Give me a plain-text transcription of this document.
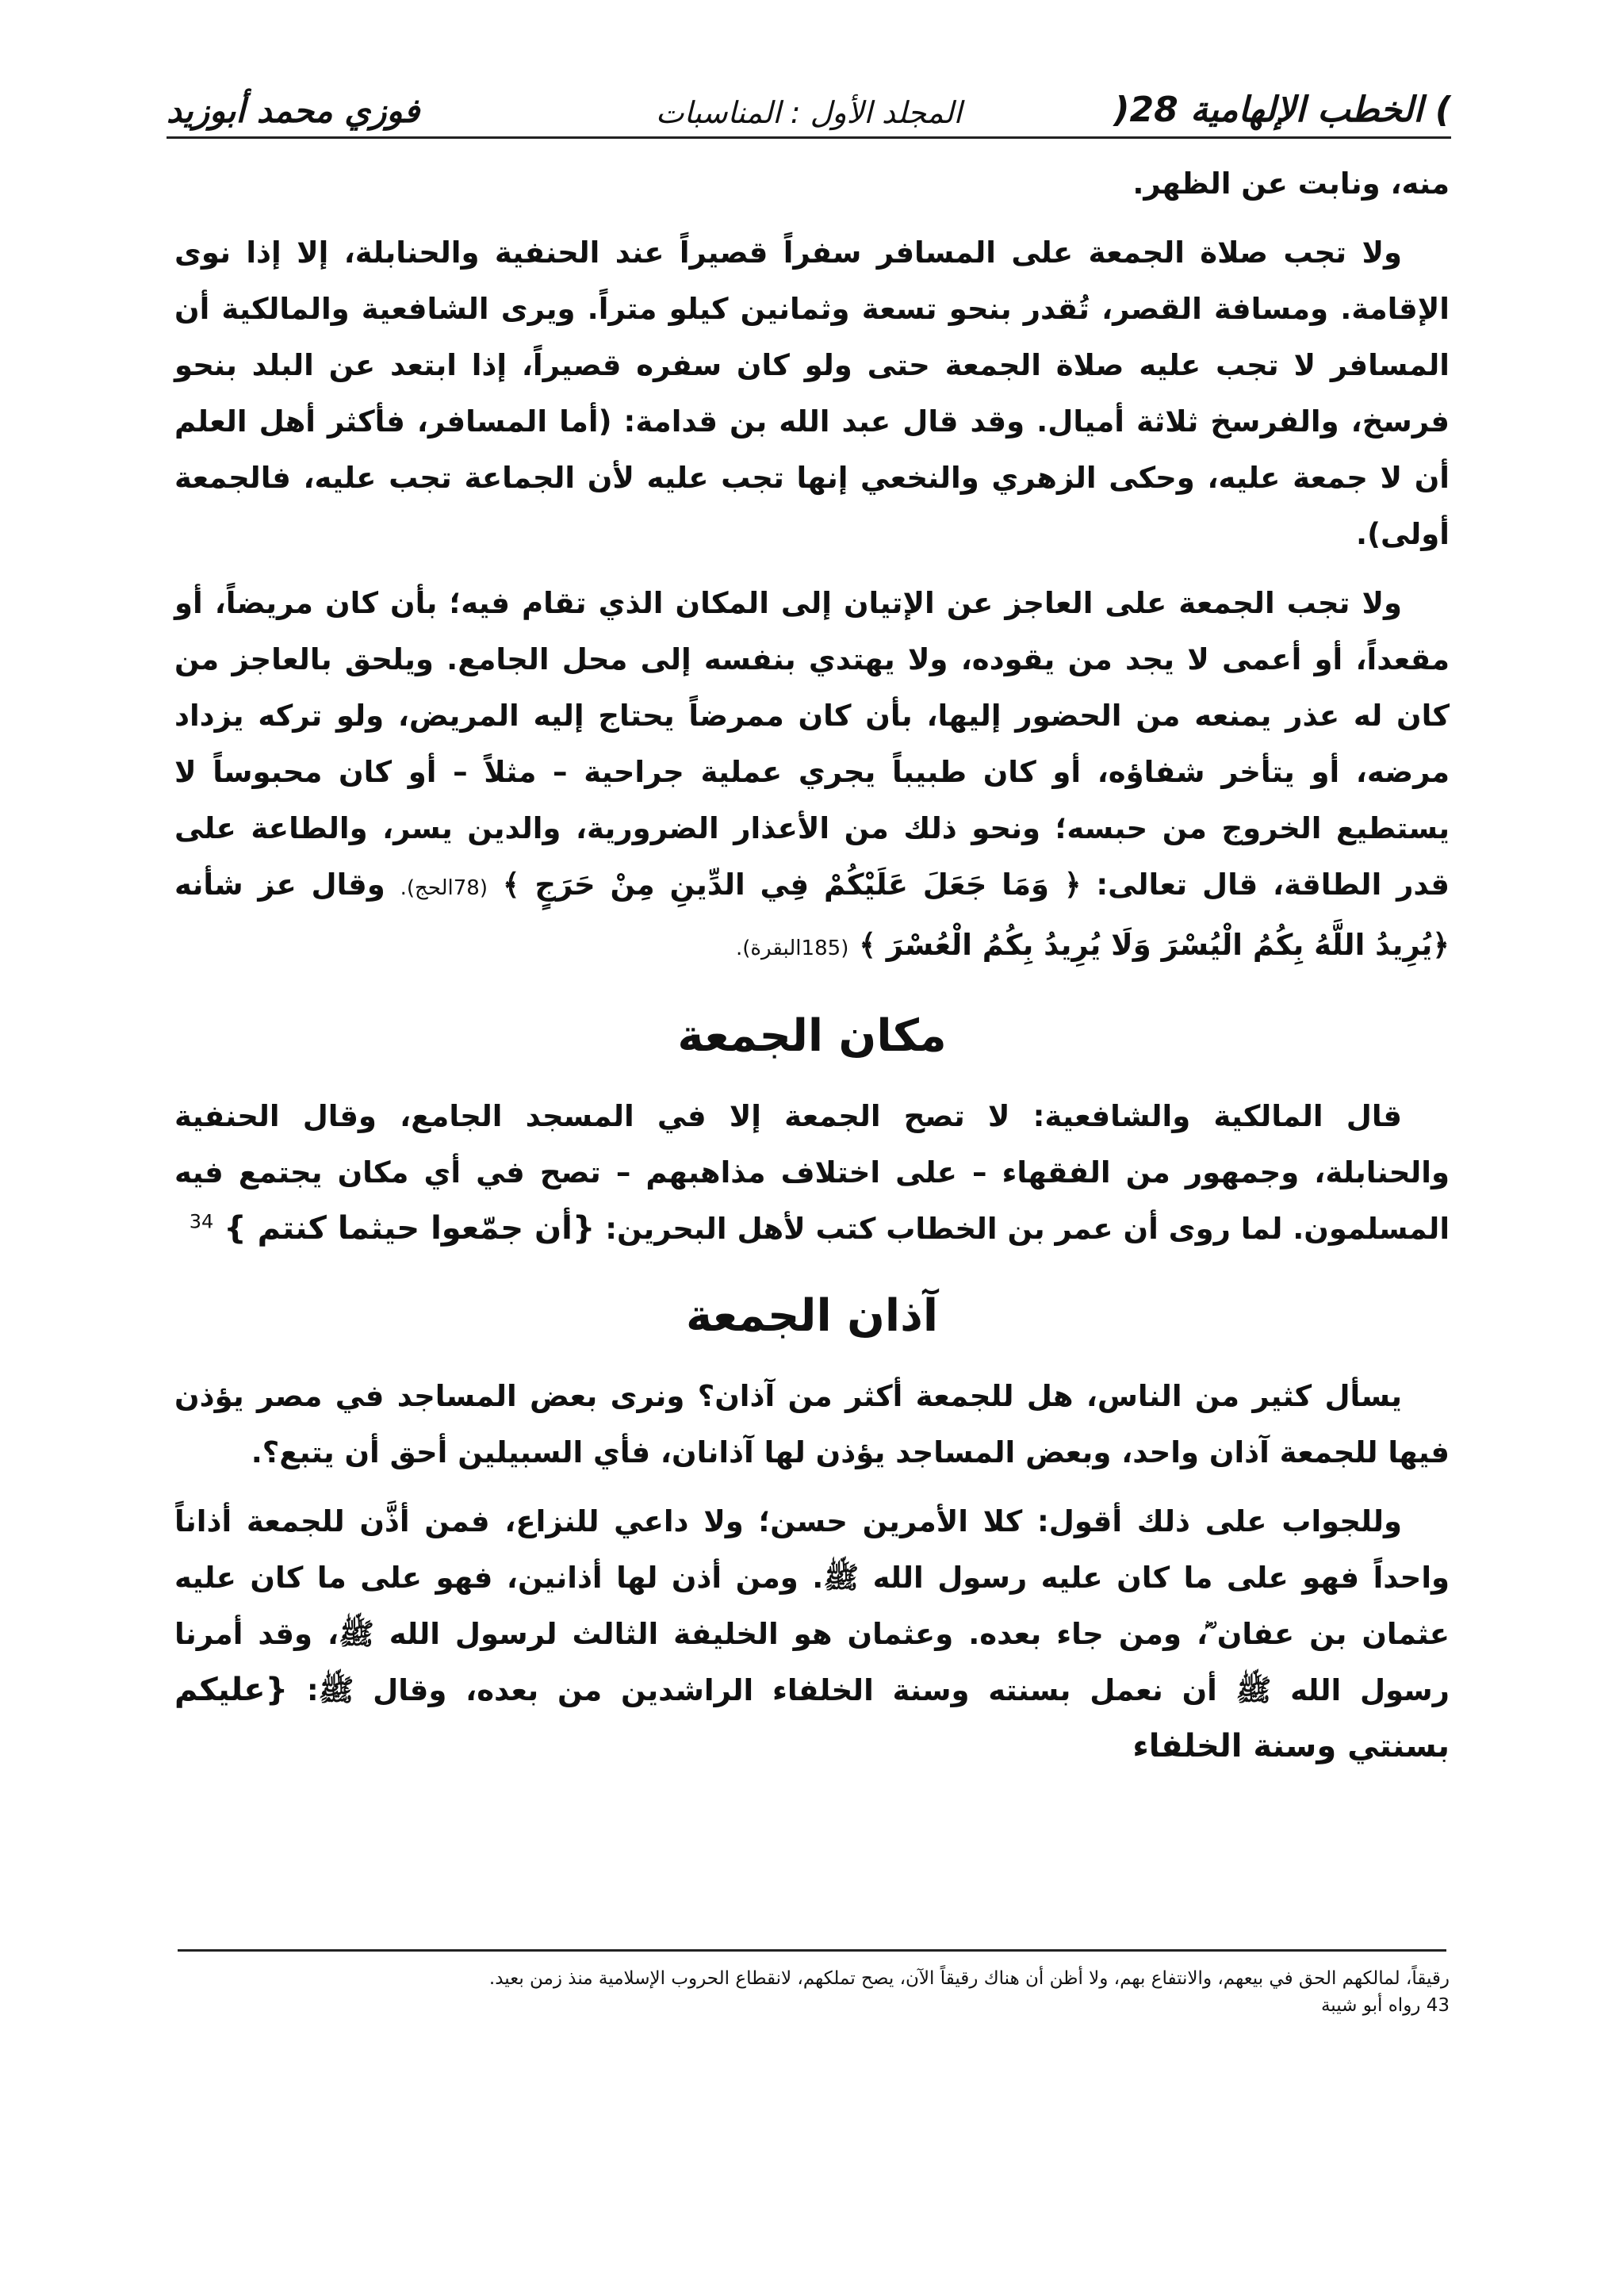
) الخطب الإلهامية 28(
المجلد الأول : المناسبات
فوزي محمد أبوزيد

منه، ونابت عن الظهر.

ولا تجب صلاة الجمعة على المسافر سفراً قصيراً عند الحنفية والحنابلة، إلا إذا نوى الإقامة. ومسافة القصر، تُقدر بنحو تسعة وثمانين كيلو متراً. ويرى الشافعية والمالكية أن المسافر لا تجب عليه صلاة الجمعة حتى ولو كان سفره قصيراً، إذا ابتعد عن البلد بنحو فرسخ، والفرسخ ثلاثة أميال. وقد قال عبد الله بن قدامة: (أما المسافر، فأكثر أهل العلم أن لا جمعة عليه، وحكى الزهري والنخعي إنها تجب عليه لأن الجماعة تجب عليه، فالجمعة أولى).

ولا تجب الجمعة على العاجز عن الإتيان إلى المكان الذي تقام فيه؛ بأن كان مريضاً، أو مقعداً، أو أعمى لا يجد من يقوده، ولا يهتدي بنفسه إلى محل الجامع. ويلحق بالعاجز من كان له عذر يمنعه من الحضور إليها، بأن كان ممرضاً يحتاج إليه المريض، ولو تركه يزداد مرضه، أو يتأخر شفاؤه، أو كان طبيباً يجري عملية جراحية – مثلاً – أو كان محبوساً لا يستطيع الخروج من حبسه؛ ونحو ذلك من الأعذار الضرورية، والدين يسر، والطاعة على قدر الطاقة، قال تعالى: ﴿ وَمَا جَعَلَ عَلَيْكُمْ فِي الدِّينِ مِنْ حَرَجٍ ﴾ (78الحج). وقال عز شأنه ﴿يُرِيدُ اللَّهُ بِكُمُ الْيُسْرَ وَلَا يُرِيدُ بِكُمُ الْعُسْرَ ﴾ (185البقرة).

مكان الجمعة

قال المالكية والشافعية: لا تصح الجمعة إلا في المسجد الجامع، وقال الحنفية والحنابلة، وجمهور من الفقهاء – على اختلاف مذاهبهم – تصح في أي مكان يجتمع فيه المسلمون. لما روى أن عمر بن الخطاب كتب لأهل البحرين: {أن جمّعوا حيثما كنتم } $^{34}$

آذان الجمعة

يسأل كثير من الناس، هل للجمعة أكثر من آذان؟ ونرى بعض المساجد في مصر يؤذن فيها للجمعة آذان واحد، وبعض المساجد يؤذن لها آذانان، فأي السبيلين أحق أن يتبع؟.

وللجواب على ذلك أقول: كلا الأمرين حسن؛ ولا داعي للنزاع، فمن أذَّن للجمعة أذاناً واحداً فهو على ما كان عليه رسول الله ﷺ. ومن أذن لها أذانين، فهو على ما كان عليه عثمان بن عفان ؓ، ومن جاء بعده. وعثمان هو الخليفة الثالث لرسول الله ﷺ، وقد أمرنا رسول الله ﷺ أن نعمل بسنته وسنة الخلفاء الراشدين من بعده، وقال ﷺ: {عليكم بسنتي وسنة الخلفاء

رقيقاً، لمالكهم الحق في بيعهم، والانتفاع بهم، ولا أظن أن هناك رقيقاً الآن، يصح تملكهم، لانقطاع الحروب الإسلامية منذ زمن بعيد.

43 رواه أبو شيبة
